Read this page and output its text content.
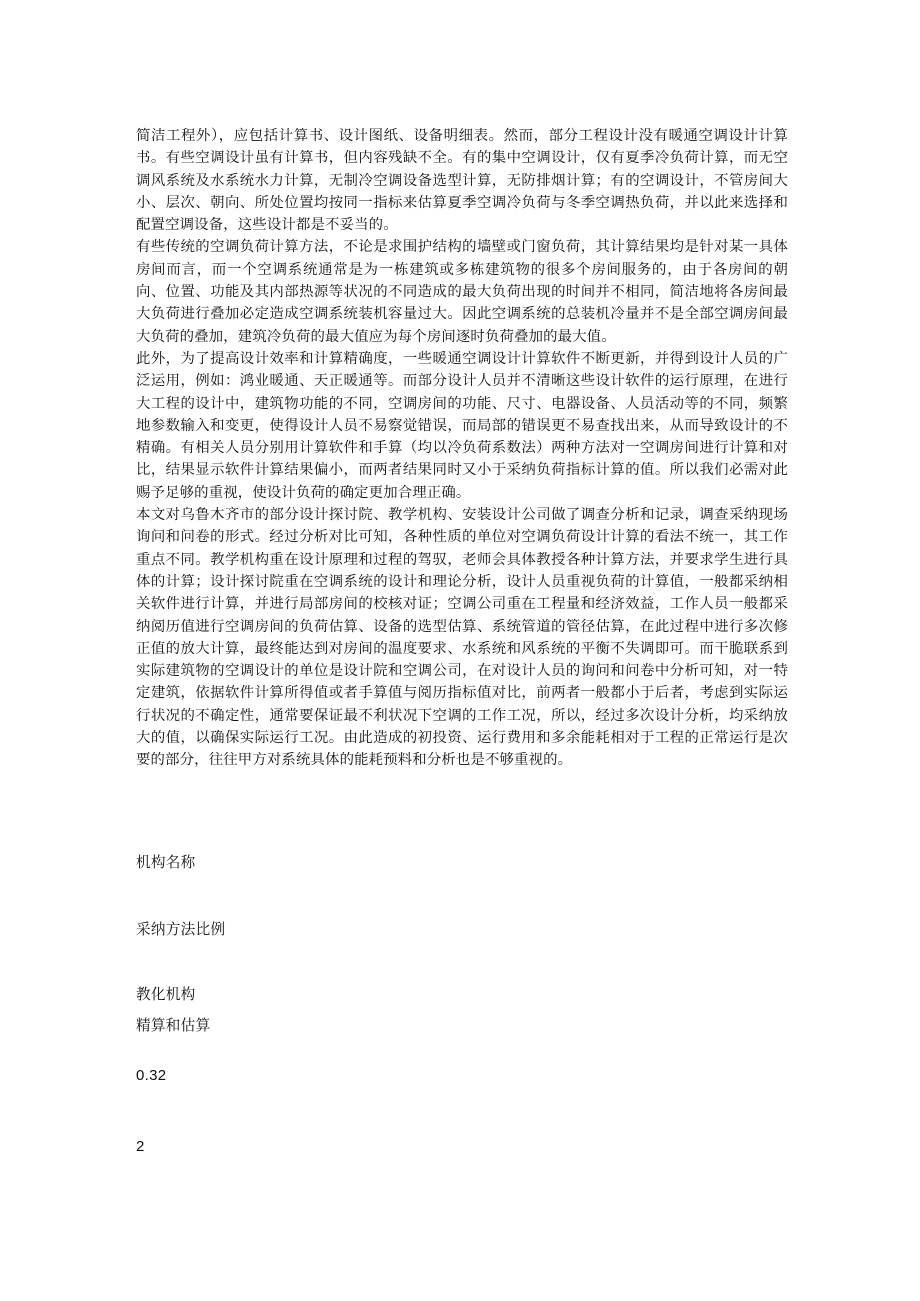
简洁工程外），应包括计算书、设计图纸、设备明细表。然而，部分工程设计没有暖通空调设计计算书。有些空调设计虽有计算书，但内容残缺不全。有的集中空调设计，仅有夏季冷负荷计算，而无空调风系统及水系统水力计算，无制冷空调设备选型计算，无防排烟计算；有的空调设计，不管房间大小、层次、朝向、所处位置均按同一指标来估算夏季空调冷负荷与冬季空调热负荷，并以此来选择和配置空调设备，这些设计都是不妥当的。

有些传统的空调负荷计算方法，不论是求围护结构的墙壁或门窗负荷，其计算结果均是针对某一具体房间而言，而一个空调系统通常是为一栋建筑或多栋建筑物的很多个房间服务的，由于各房间的朝向、位置、功能及其内部热源等状况的不同造成的最大负荷出现的时间并不相同，简洁地将各房间最大负荷进行叠加必定造成空调系统装机容量过大。因此空调系统的总装机冷量并不是全部空调房间最大负荷的叠加，建筑冷负荷的最大值应为每个房间逐时负荷叠加的最大值。

此外，为了提高设计效率和计算精确度，一些暖通空调设计计算软件不断更新，并得到设计人员的广泛运用，例如：鸿业暖通、天正暖通等。而部分设计人员并不清晰这些设计软件的运行原理，在进行大工程的设计中，建筑物功能的不同，空调房间的功能、尺寸、电器设备、人员活动等的不同，频繁地参数输入和变更，使得设计人员不易察觉错误，而局部的错误更不易查找出来，从而导致设计的不精确。有相关人员分别用计算软件和手算（均以冷负荷系数法）两种方法对一空调房间进行计算和对比，结果显示软件计算结果偏小，而两者结果同时又小于采纳负荷指标计算的值。所以我们必需对此赐予足够的重视，使设计负荷的确定更加合理正确。

本文对乌鲁木齐市的部分设计探讨院、教学机构、安装设计公司做了调查分析和记录，调查采纳现场询问和问卷的形式。经过分析对比可知，各种性质的单位对空调负荷设计计算的看法不统一，其工作重点不同。教学机构重在设计原理和过程的驾驭，老师会具体教授各种计算方法，并要求学生进行具体的计算；设计探讨院重在空调系统的设计和理论分析，设计人员重视负荷的计算值，一般都采纳相关软件进行计算，并进行局部房间的校核对证；空调公司重在工程量和经济效益，工作人员一般都采纳阅历值进行空调房间的负荷估算、设备的选型估算、系统管道的管径估算，在此过程中进行多次修正值的放大计算，最终能达到对房间的温度要求、水系统和风系统的平衡不失调即可。而干脆联系到实际建筑物的空调设计的单位是设计院和空调公司，在对设计人员的询问和问卷中分析可知，对一特定建筑，依据软件计算所得值或者手算值与阅历指标值对比，前两者一般都小于后者，考虑到实际运行状况的不确定性，通常要保证最不利状况下空调的工作工况，所以，经过多次设计分析，均采纳放大的值，以确保实际运行工况。由此造成的初投资、运行费用和多余能耗相对于工程的正常运行是次要的部分，往往甲方对系统具体的能耗预料和分析也是不够重视的。

机构名称

采纳方法比例

教化机构

精算和估算

0.32

2
